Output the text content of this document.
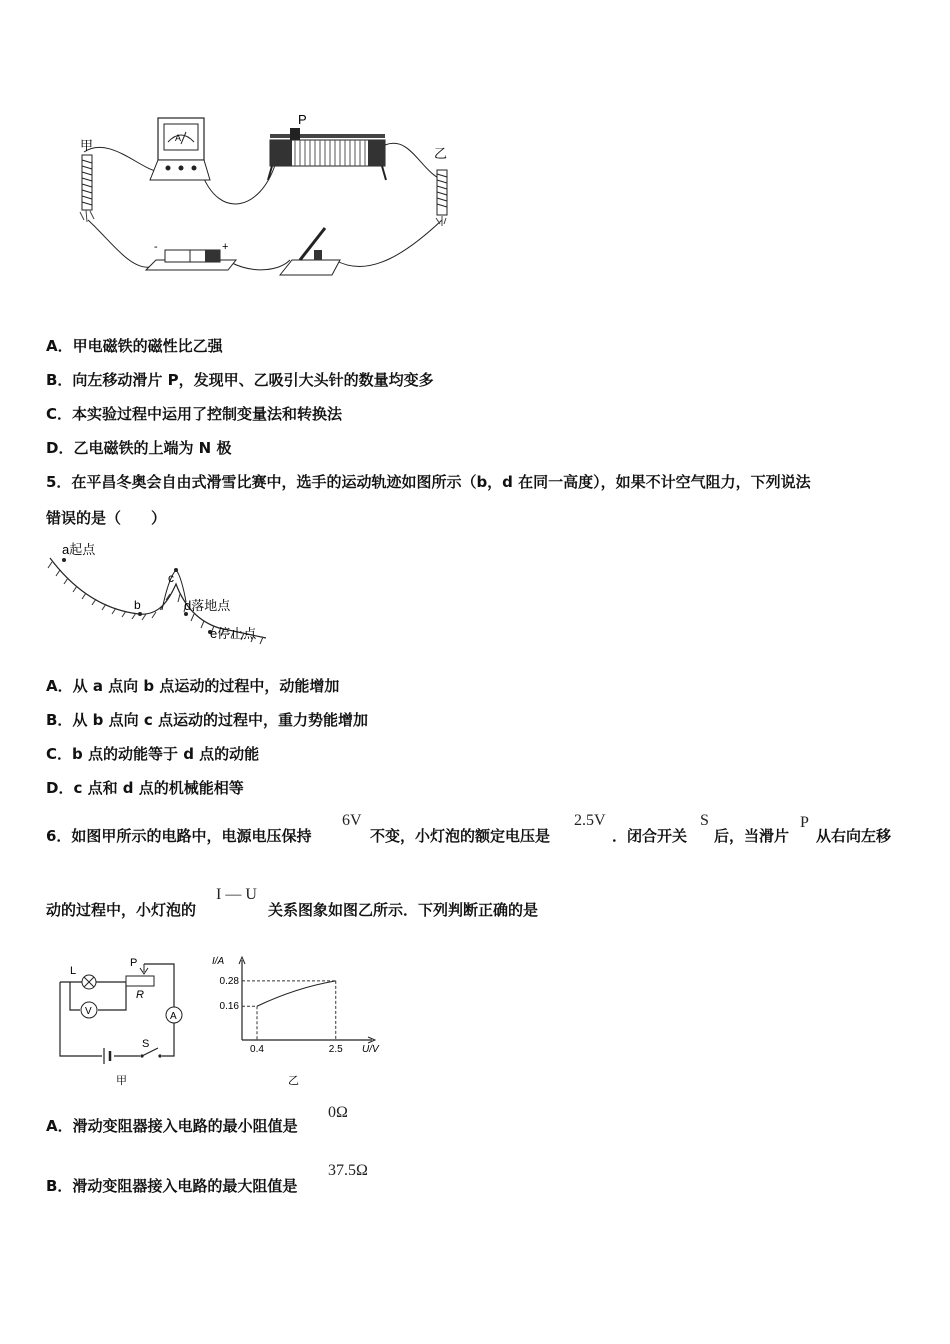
甲	A
P
乙
-	+
A．甲电磁铁的磁性比乙强
B．向左移动滑片 P，发现甲、乙吸引大头针的数量均变多
C．本实验过程中运用了控制变量法和转换法
D．乙电磁铁的上端为 N 极
5．在平昌冬奥会自由式滑雪比赛中，选手的运动轨迹如图所示（b，d 在同一高度），如果不计空气阻力，下列说法
错误的是（　　）
a起点
b
c
d落地点
e停止点
A．从 a 点向 b 点运动的过程中，动能增加
B．从 b 点向 c 点运动的过程中，重力势能增加
C．b 点的动能等于 d 点的动能
D．c 点和 d 点的机械能相等
6．如图甲所示的电路中，电源电压保持
6V
不变，小灯泡的额定电压是
2.5V
．闭合开关
S
后，当滑片
P
从右向左移
动的过程中，小灯泡的
I — U
关系图象如图乙所示．下列判断正确的是
L
P
R
V	A
S
甲
I/A
U/V
0.28
0.16
0.4	2.5
乙
A．滑动变阻器接入电路的最小阻值是
0Ω
B．滑动变阻器接入电路的最大阻值是
37.5Ω
